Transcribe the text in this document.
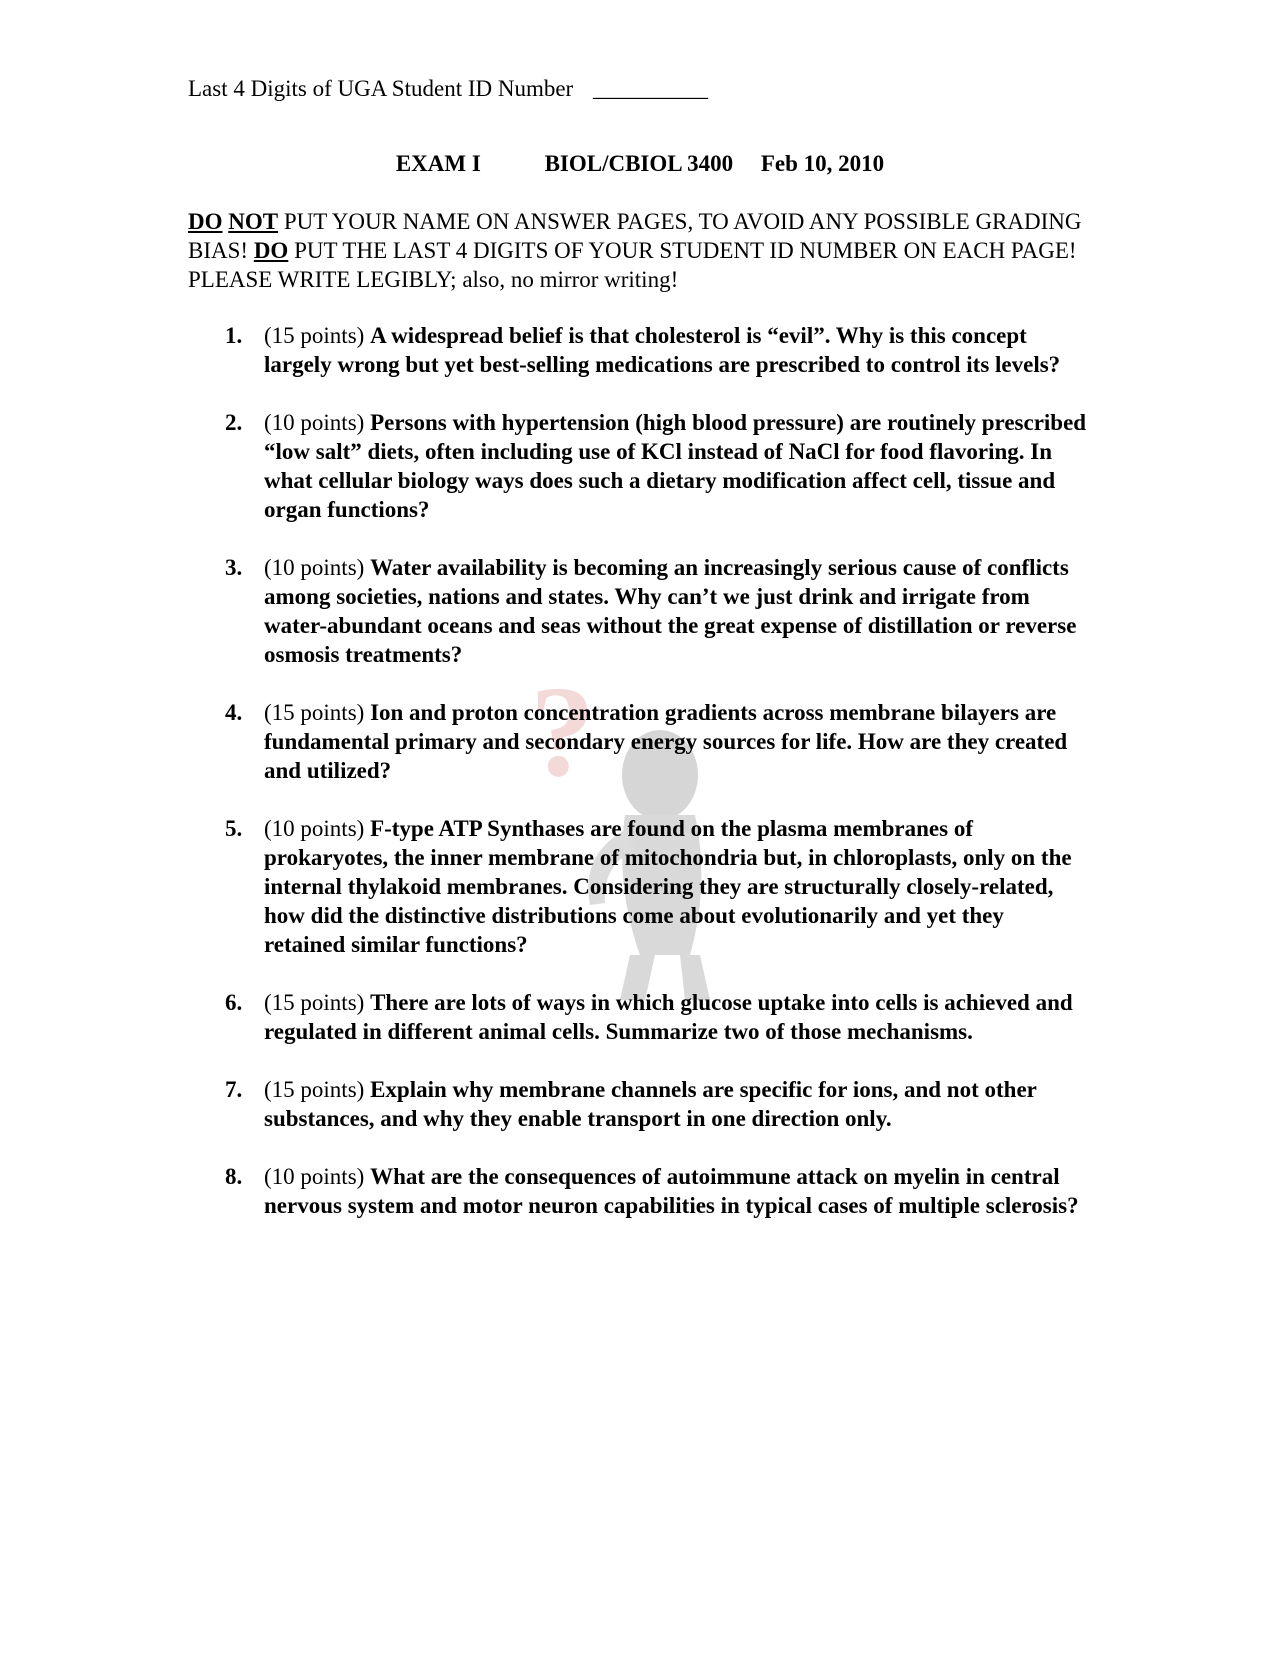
?
Last 4 Digits of UGA Student ID Number __________
EXAM I	BIOL/CBIOL 3400 Feb 10, 2010
DO NOT PUT YOUR NAME ON ANSWER PAGES, TO AVOID ANY POSSIBLE GRADING BIAS! DO PUT THE LAST 4 DIGITS OF YOUR STUDENT ID NUMBER ON EACH PAGE! PLEASE WRITE LEGIBLY; also, no mirror writing!
1. (15 points) A widespread belief is that cholesterol is “evil”. Why is this concept largely wrong but yet best-selling medications are prescribed to control its levels?
2. (10 points) Persons with hypertension (high blood pressure) are routinely prescribed “low salt” diets, often including use of KCl instead of NaCl for food flavoring. In what cellular biology ways does such a dietary modification affect cell, tissue and organ functions?
3. (10 points) Water availability is becoming an increasingly serious cause of conflicts among societies, nations and states. Why can’t we just drink and irrigate from water-abundant oceans and seas without the great expense of distillation or reverse osmosis treatments?
4. (15 points) Ion and proton concentration gradients across membrane bilayers are fundamental primary and secondary energy sources for life. How are they created and utilized?
5. (10 points) F-type ATP Synthases are found on the plasma membranes of prokaryotes, the inner membrane of mitochondria but, in chloroplasts, only on the internal thylakoid membranes. Considering they are structurally closely-related, how did the distinctive distributions come about evolutionarily and yet they retained similar functions?
6. (15 points) There are lots of ways in which glucose uptake into cells is achieved and regulated in different animal cells. Summarize two of those mechanisms.
7. (15 points) Explain why membrane channels are specific for ions, and not other substances, and why they enable transport in one direction only.
8. (10 points) What are the consequences of autoimmune attack on myelin in central nervous system and motor neuron capabilities in typical cases of multiple sclerosis?
